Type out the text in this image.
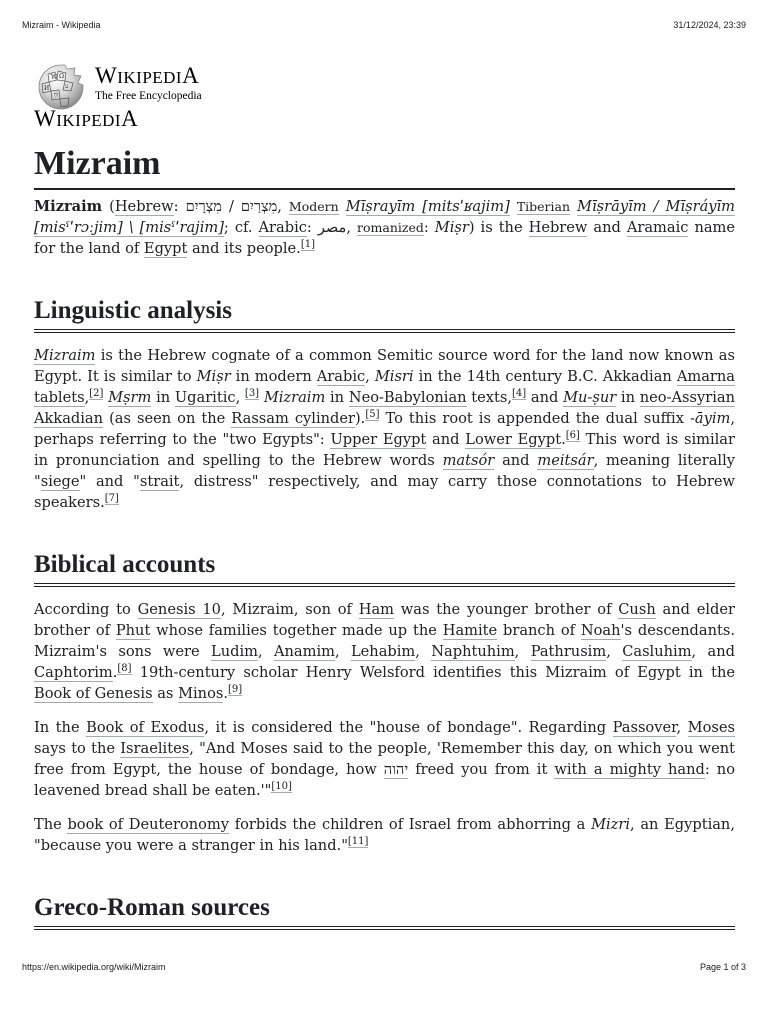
Mizraim - Wikipedia	31/12/2024, 23:39
W Ω
И
ウ
ע WIKIPEDIA
The Free Encyclopedia
WIKIPEDIA
Mizraim

Mizraim (Hebrew: מִצְרַיִם / מִצְרָיִם, Modern Mīṣrayīm [mitsˈʁajim] Tiberian Mīṣrāyīm / Mīṣráyīm [misˤˈrɔːjim] \ [misˤˈrajim]; cf. Arabic: مصر, romanized: Miṣr) is the Hebrew and Aramaic name for the land of Egypt and its people.[1]

Linguistic analysis

Mizraim is the Hebrew cognate of a common Semitic source word for the land now known as Egypt. It is similar to Miṣr in modern Arabic, Misri in the 14th century B.C. Akkadian Amarna tablets,[2] Mṣrm in Ugaritic, [3] Mizraim in Neo-Babylonian texts,[4] and Mu-ṣur in neo-Assyrian Akkadian (as seen on the Rassam cylinder).[5] To this root is appended the dual suffix -āyim, perhaps referring to the "two Egypts": Upper Egypt and Lower Egypt.[6] This word is similar in pronunciation and spelling to the Hebrew words matsór and meitsár, meaning literally "siege" and "strait, distress" respectively, and may carry those connotations to Hebrew speakers.[7]

Biblical accounts

According to Genesis 10, Mizraim, son of Ham was the younger brother of Cush and elder brother of Phut whose families together made up the Hamite branch of Noah's descendants. Mizraim's sons were Ludim, Anamim, Lehabim, Naphtuhim, Pathrusim, Casluhim, and Caphtorim.[8] 19th-century scholar Henry Welsford identifies this Mizraim of Egypt in the Book of Genesis as Minos.[9]

In the Book of Exodus, it is considered the "house of bondage". Regarding Passover, Moses says to the Israelites, "And Moses said to the people, 'Remember this day, on which you went free from Egypt, the house of bondage, how יהוה freed you from it with a mighty hand: no leavened bread shall be eaten.'"[10]

The book of Deuteronomy forbids the children of Israel from abhorring a Mizri, an Egyptian, "because you were a stranger in his land."[11]

Greco-Roman sources
https://en.wikipedia.org/wiki/Mizraim	Page 1 of 3
